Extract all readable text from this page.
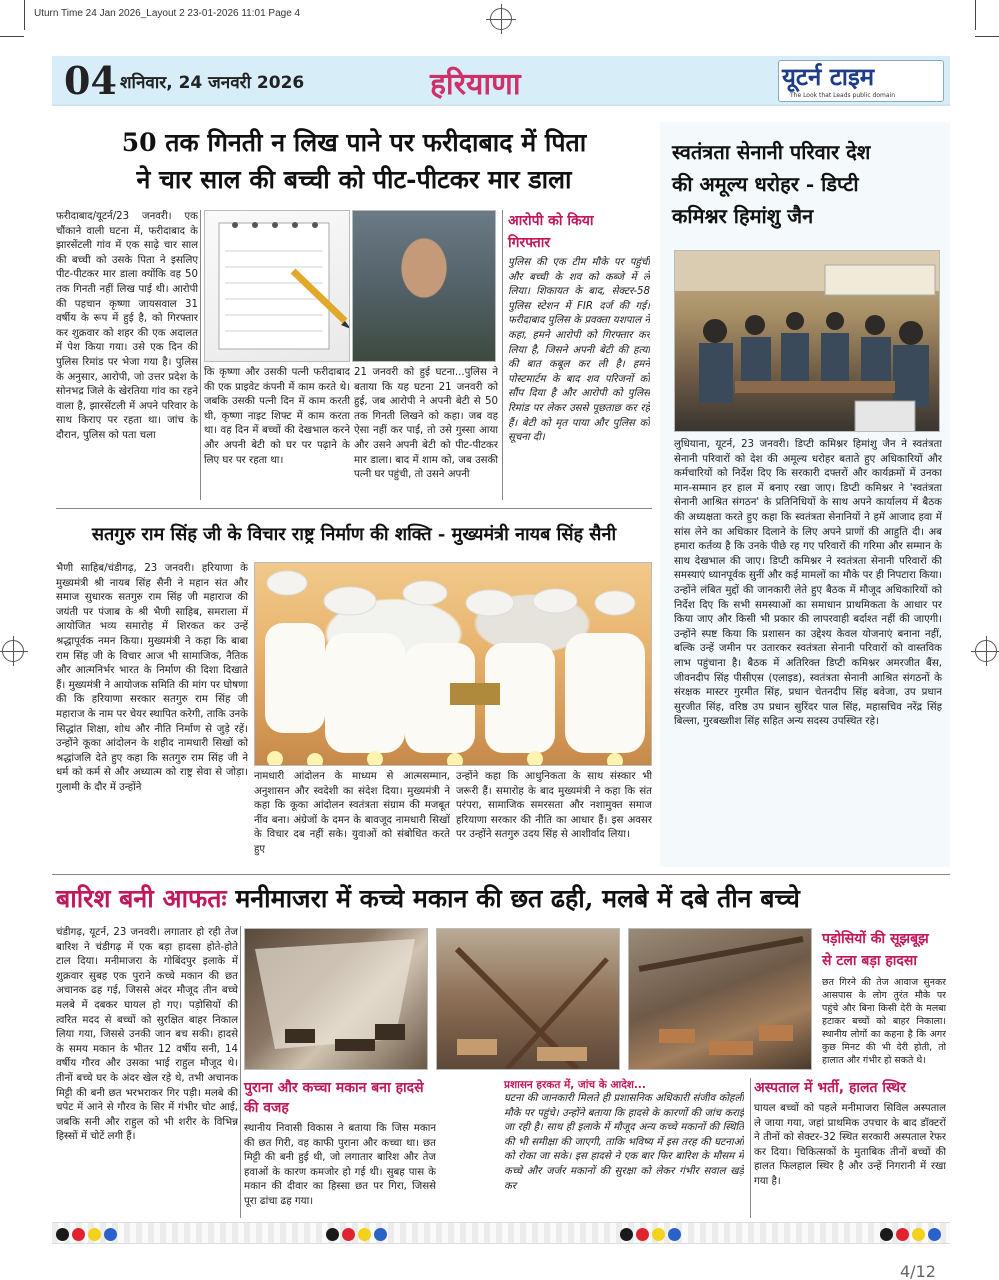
Uturn Time 24 Jan 2026_Layout 2 23-01-2026 11:01 Page 4
04 शनिवार, 24 जनवरी 2026	हरियाणा	यूटर्न टाइम
The Look that Leads public domain
50 तक गिनती न लिख पाने पर फरीदाबाद में पिता
ने चार साल की बच्ची को पीट-पीटकर मार डाला
फरीदाबाद/यूटर्न/23 जनवरी। एक चौंकाने वाली घटना में, फरीदाबाद के झारसेंटली गांव में एक साढ़े चार साल की बच्ची को उसके पिता ने इसलिए पीट-पीटकर मार डाला क्योंकि वह 50 तक गिनती नहीं लिख पाई थी। आरोपी की पहचान कृष्णा जायसवाल 31 वर्षीय के रूप में हुई है, को गिरफ्तार कर शुक्रवार को शहर की एक अदालत में पेश किया गया। उसे एक दिन की पुलिस रिमांड पर भेजा गया है। पुलिस के अनुसार, आरोपी, जो उत्तर प्रदेश के सोनभद्र जिले के खेरतिया गांव का रहने वाला है, झारसेंटली में अपने परिवार के साथ किराए पर रहता था। जांच के दौरान, पुलिस को पता चला
कि कृष्णा और उसकी पत्नी फरीदाबाद की एक प्राइवेट कंपनी में काम करते थे। जबकि उसकी पत्नी दिन में काम करती थी, कृष्णा नाइट शिफ्ट में काम करता था। वह दिन में बच्चों की देखभाल करने और अपनी बेटी को घर पर पढ़ाने के लिए घर पर रहता था।
21 जनवरी को हुई घटना...पुलिस ने बताया कि यह घटना 21 जनवरी को हुई, जब आरोपी ने अपनी बेटी से 50 तक गिनती लिखने को कहा। जब वह ऐसा नहीं कर पाई, तो उसे गुस्सा आया और उसने अपनी बेटी को पीट-पीटकर मार डाला। बाद में शाम को, जब उसकी पत्नी घर पहुंची, तो उसने अपनी
आरोपी को किया
गिरफ्तार
पुलिस की एक टीम मौके पर पहुंची और बच्ची के शव को कब्जे में ले लिया। शिकायत के बाद, सेक्टर-58 पुलिस स्टेशन में FIR दर्ज की गई। फरीदाबाद पुलिस के प्रवक्ता यशपाल ने कहा, हमने आरोपी को गिरफ्तार कर लिया है, जिसने अपनी बेटी की हत्या की बात कबूल कर ली है। हमने पोस्टमार्टम के बाद शव परिजनों को सौंप दिया है और आरोपी को पुलिस रिमांड पर लेकर उससे पूछताछ कर रहे हैं। बेटी को मृत पाया और पुलिस को सूचना दी।
सतगुरु राम सिंह जी के विचार राष्ट्र निर्माण की शक्ति - मुख्यमंत्री नायब सिंह सैनी
भैणी साहिब/चंडीगढ़, 23 जनवरी। हरियाणा के मुख्यमंत्री श्री नायब सिंह सैनी ने महान संत और समाज सुधारक सतगुरु राम सिंह जी महाराज की जयंती पर पंजाब के श्री भैणी साहिब, समराला में आयोजित भव्य समारोह में शिरकत कर उन्हें श्रद्धापूर्वक नमन किया। मुख्यमंत्री ने कहा कि बाबा राम सिंह जी के विचार आज भी सामाजिक, नैतिक और आत्मनिर्भर भारत के निर्माण की दिशा दिखाते हैं। मुख्यमंत्री ने आयोजक समिति की मांग पर घोषणा की कि हरियाणा सरकार सतगुरु राम सिंह जी महाराज के नाम पर चेयर स्थापित करेगी, ताकि उनके सिद्धांत शिक्षा, शोध और नीति निर्माण से जुड़े रहें। उन्होंने कूका आंदोलन के शहीद नामधारी सिखों को श्रद्धांजलि देते हुए कहा कि सतगुरु राम सिंह जी ने धर्म को कर्म से और अध्यात्म को राष्ट्र सेवा से जोड़ा। गुलामी के दौर में उन्होंने
नामधारी आंदोलन के माध्यम से आत्मसम्मान, अनुशासन और स्वदेशी का संदेश दिया। मुख्यमंत्री ने कहा कि कूका आंदोलन स्वतंत्रता संग्राम की मजबूत नींव बना। अंग्रेजों के दमन के बावजूद नामधारी सिखों के विचार दब नहीं सके। युवाओं को संबोधित करते हुए
उन्होंने कहा कि आधुनिकता के साथ संस्कार भी जरूरी हैं। समारोह के बाद मुख्यमंत्री ने कहा कि संत परंपरा, सामाजिक समरसता और नशामुक्त समाज हरियाणा सरकार की नीति का आधार हैं। इस अवसर पर उन्होंने सतगुरु उदय सिंह से आशीर्वाद लिया।
स्वतंत्रता सेनानी परिवार देश
की अमूल्य धरोहर - डिप्टी
कमिश्नर हिमांशु जैन
लुधियाना, यूटर्न, 23 जनवरी। डिप्टी कमिश्नर हिमांशु जैन ने स्वतंत्रता सेनानी परिवारों को देश की अमूल्य धरोहर बताते हुए अधिकारियों और कर्मचारियों को निर्देश दिए कि सरकारी दफ्तरों और कार्यक्रमों में उनका मान-सम्मान हर हाल में बनाए रखा जाए। डिप्टी कमिश्नर ने 'स्वतंत्रता सेनानी आश्रित संगठन' के प्रतिनिधियों के साथ अपने कार्यालय में बैठक की अध्यक्षता करते हुए कहा कि स्वतंत्रता सेनानियों ने हमें आजाद हवा में सांस लेने का अधिकार दिलाने के लिए अपने प्राणों की आहुति दी। अब हमारा कर्तव्य है कि उनके पीछे रह गए परिवारों की गरिमा और सम्मान के साथ देखभाल की जाए। डिप्टी कमिश्नर ने स्वतंत्रता सेनानी परिवारों की समस्याएं ध्यानपूर्वक सुनीं और कई मामलों का मौके पर ही निपटारा किया। उन्होंने लंबित मुद्दों की जानकारी लेते हुए बैठक में मौजूद अधिकारियों को निर्देश दिए कि सभी समस्याओं का समाधान प्राथमिकता के आधार पर किया जाए और किसी भी प्रकार की लापरवाही बर्दाश्त नहीं की जाएगी। उन्होंने स्पष्ट किया कि प्रशासन का उद्देश्य केवल योजनाएं बनाना नहीं, बल्कि उन्हें जमीन पर उतारकर स्वतंत्रता सेनानी परिवारों को वास्तविक लाभ पहुंचाना है। बैठक में अतिरिक्त डिप्टी कमिश्नर अमरजीत बैंस, जीवनदीप सिंह पीसीएस (एलाइड), स्वतंत्रता सेनानी आश्रित संगठनों के संरक्षक मास्टर गुरमीत सिंह, प्रधान चेतनदीप सिंह बवेजा, उप प्रधान सुरजीत सिंह, वरिष्ठ उप प्रधान सुरिंदर पाल सिंह, महासचिव नरेंद्र सिंह बिल्ला, गुरबख्शीश सिंह सहित अन्य सदस्य उपस्थित रहे।
बारिश बनी आफतः मनीमाजरा में कच्चे मकान की छत ढही, मलबे में दबे तीन बच्चे
चंडीगढ़, यूटर्न, 23 जनवरी। लगातार हो रही तेज बारिश ने चंडीगढ़ में एक बड़ा हादसा होते-होते टाल दिया। मनीमाजरा के गोबिंदपुर इलाके में शुक्रवार सुबह एक पुराने कच्चे मकान की छत अचानक ढह गई, जिससे अंदर मौजूद तीन बच्चे मलबे में दबकर घायल हो गए। पड़ोसियों की त्वरित मदद से बच्चों को सुरक्षित बाहर निकाल लिया गया, जिससे उनकी जान बच सकी। हादसे के समय मकान के भीतर 12 वर्षीय सनी, 14 वर्षीय गौरव और उसका भाई राहुल मौजूद थे। तीनों बच्चे घर के अंदर खेल रहे थे, तभी अचानक मिट्टी की बनी छत भरभराकर गिर पड़ी। मलबे की चपेट में आने से गौरव के सिर में गंभीर चोट आई, जबकि सनी और राहुल को भी शरीर के विभिन्न हिस्सों में चोटें लगी हैं।
पड़ोसियों की सूझबूझ
से टला बड़ा हादसा
छत गिरने की तेज आवाज सुनकर आसपास के लोग तुरंत मौके पर पहुंचे और बिना किसी देरी के मलबा हटाकर बच्चों को बाहर निकाला। स्थानीय लोगों का कहना है कि अगर कुछ मिनट की भी देरी होती, तो हालात और गंभीर हो सकते थे।
पुराना और कच्चा मकान बना हादसे की वजह
स्थानीय निवासी विकास ने बताया कि जिस मकान की छत गिरी, वह काफी पुराना और कच्चा था। छत मिट्टी की बनी हुई थी, जो लगातार बारिश और तेज हवाओं के कारण कमजोर हो गई थी। सुबह पास के मकान की दीवार का हिस्सा छत पर गिरा, जिससे पूरा ढांचा ढह गया।
प्रशासन हरकत में, जांच के आदेश...
घटना की जानकारी मिलते ही प्रशासनिक अधिकारी संजीव कोहली मौके पर पहुंचे। उन्होंने बताया कि हादसे के कारणों की जांच कराई जा रही है। साथ ही इलाके में मौजूद अन्य कच्चे मकानों की स्थिति की भी समीक्षा की जाएगी, ताकि भविष्य में इस तरह की घटनाओं को रोका जा सके। इस हादसे ने एक बार फिर बारिश के मौसम में कच्चे और जर्जर मकानों की सुरक्षा को लेकर गंभीर सवाल खड़े कर
अस्पताल में भर्ती, हालत स्थिर
घायल बच्चों को पहले मनीमाजरा सिविल अस्पताल ले जाया गया, जहां प्राथमिक उपचार के बाद डॉक्टरों ने तीनों को सेक्टर-32 स्थित सरकारी अस्पताल रेफर कर दिया। चिकित्सकों के मुताबिक तीनों बच्चों की हालत फिलहाल स्थिर है और उन्हें निगरानी में रखा गया है।
4/12
